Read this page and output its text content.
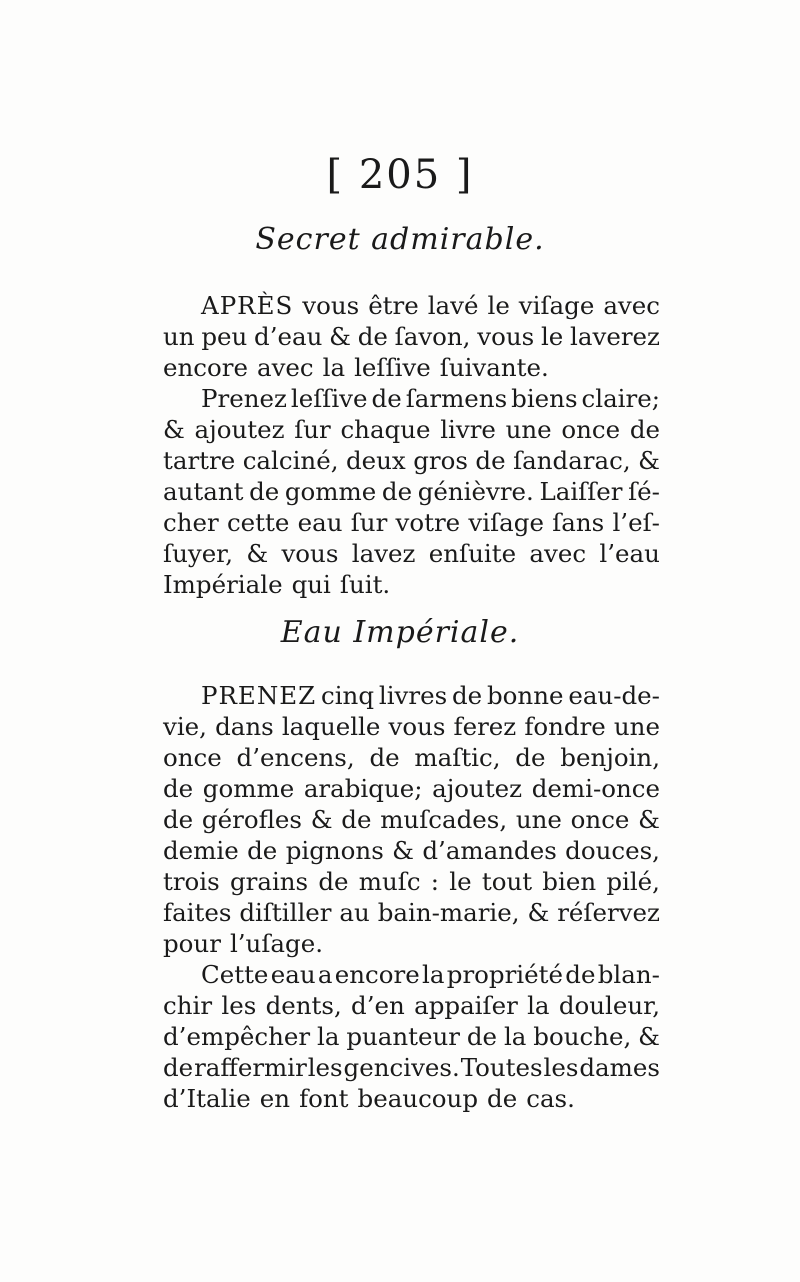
[ 205 ]
Secret admirable.
APRÈS vous être lavé le viſage avec
un peu d’eau & de ſavon, vous le laverez
encore avec la leſſive ſuivante.
Prenez leſſive de ſarmens biens claire;
& ajoutez ſur chaque livre une once de
tartre calciné, deux gros de ſandarac, &
autant de gomme de génièvre. Laiſſer ſé-
cher cette eau ſur votre viſage ſans l’eſ-
ſuyer, & vous lavez enſuite avec l’eau
Impériale qui ſuit.
Eau Impériale.
PRENEZ cinq livres de bonne eau-de-
vie, dans laquelle vous ferez fondre une
once d’encens, de maſtic, de benjoin,
de gomme arabique; ajoutez demi-once
de gérofles & de muſcades, une once &
demie de pignons & d’amandes douces,
trois grains de muſc : le tout bien pilé,
faites diſtiller au bain-marie, & réſervez
pour l’uſage.
Cette eau a encore la propriété de blan-
chir les dents, d’en appaiſer la douleur,
d’empêcher la puanteur de la bouche, &
de raffermir les gencives. Toutes les dames
d’Italie en font beaucoup de cas.
